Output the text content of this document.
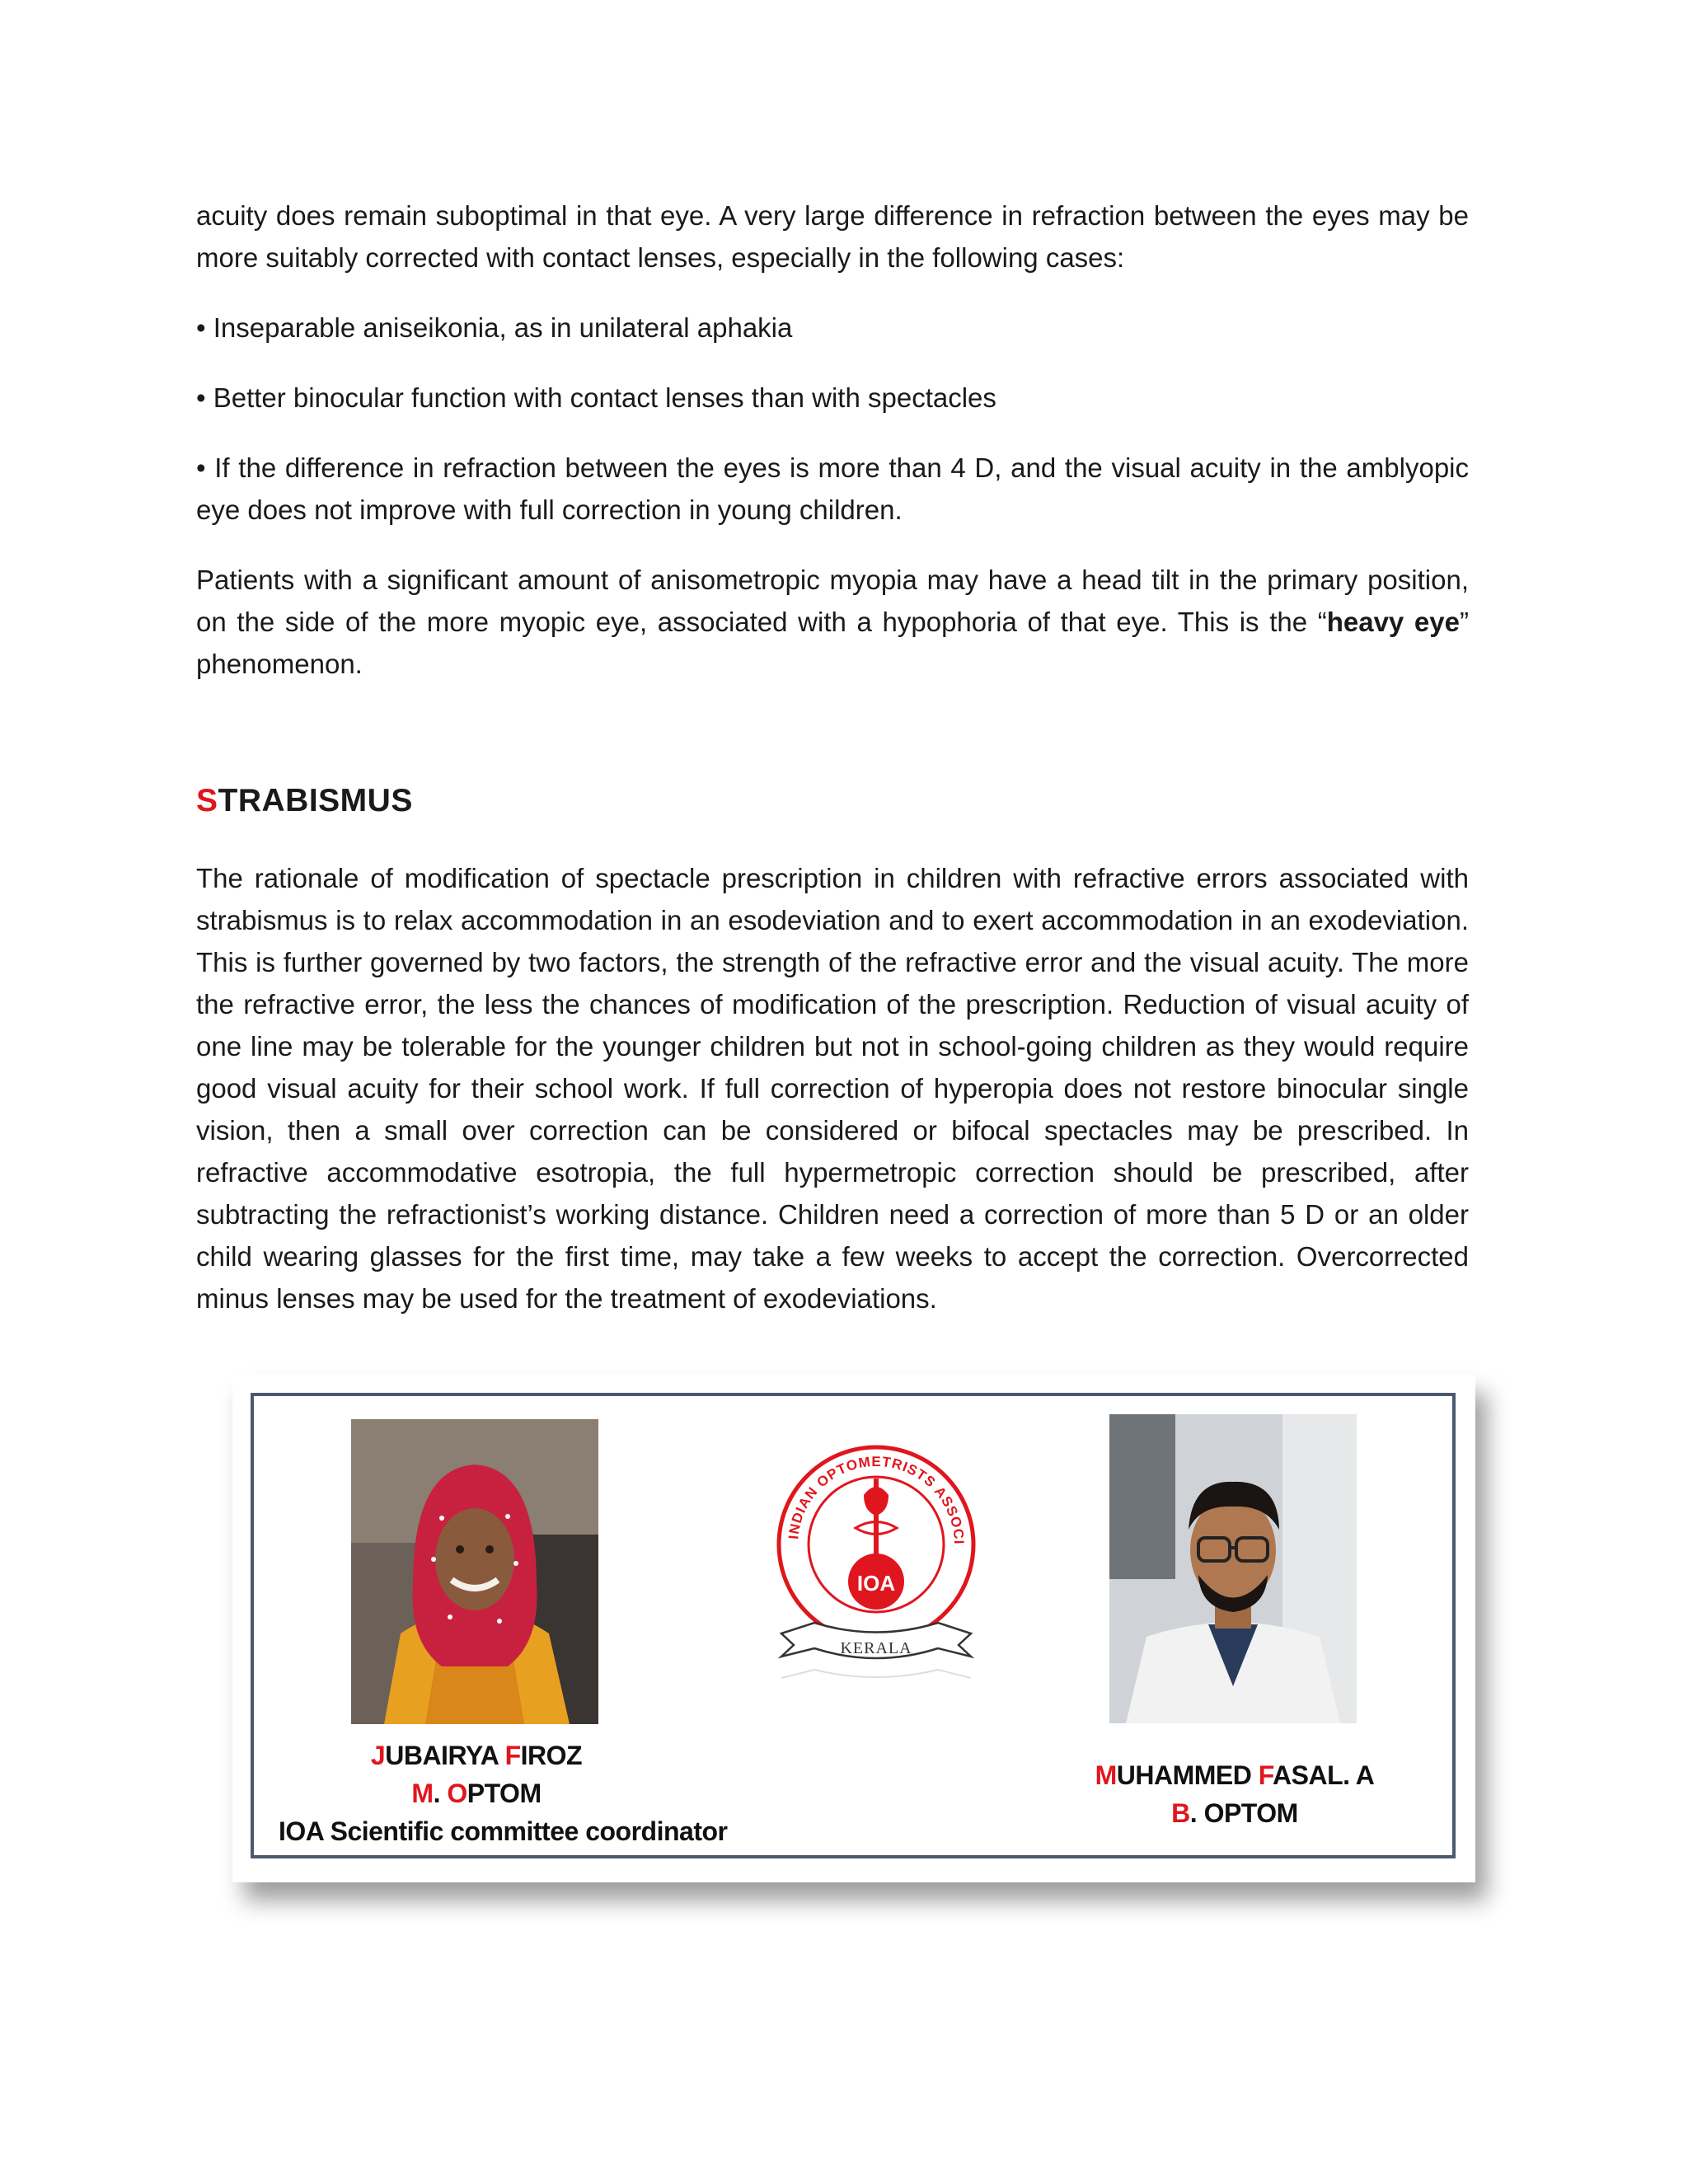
acuity does remain suboptimal in that eye. A very large difference in refraction between the eyes may be more suitably corrected with contact lenses, especially in the following cases:

• Inseparable aniseikonia, as in unilateral aphakia

• Better binocular function with contact lenses than with spectacles

• If the difference in refraction between the eyes is more than 4 D, and the visual acuity in the amblyopic eye does not improve with full correction in young children.

Patients with a significant amount of anisometropic myopia may have a head tilt in the primary position, on the side of the more myopic eye, associated with a hypophoria of that eye. This is the “heavy eye” phenomenon.

STRABISMUS

The rationale of modification of spectacle prescription in children with refractive errors associated with strabismus is to relax accommodation in an esodeviation and to exert accommodation in an exodeviation. This is further governed by two factors, the strength of the refractive error and the visual acuity. The more the refractive error, the less the chances of modification of the prescription. Reduction of visual acuity of one line may be tolerable for the younger children but not in school-going children as they would require good visual acuity for their school work. If full correction of hyperopia does not restore binocular single vision, then a small over correction can be considered or bifocal spectacles may be prescribed. In refractive accommodative esotropia, the full hypermetropic correction should be prescribed, after subtracting the refractionist’s working distance. Children need a correction of more than 5 D or an older child wearing glasses for the first time, may take a few weeks to accept the correction. Overcorrected minus lenses may be used for the treatment of exodeviations.

INDIAN OPTOMETRISTS ASSOCI
IOA
KERALA
JUBAIRYA FIROZ
M. OPTOM
IOA Scientific committee coordinator
MUHAMMED FASAL. A
B. OPTOM
